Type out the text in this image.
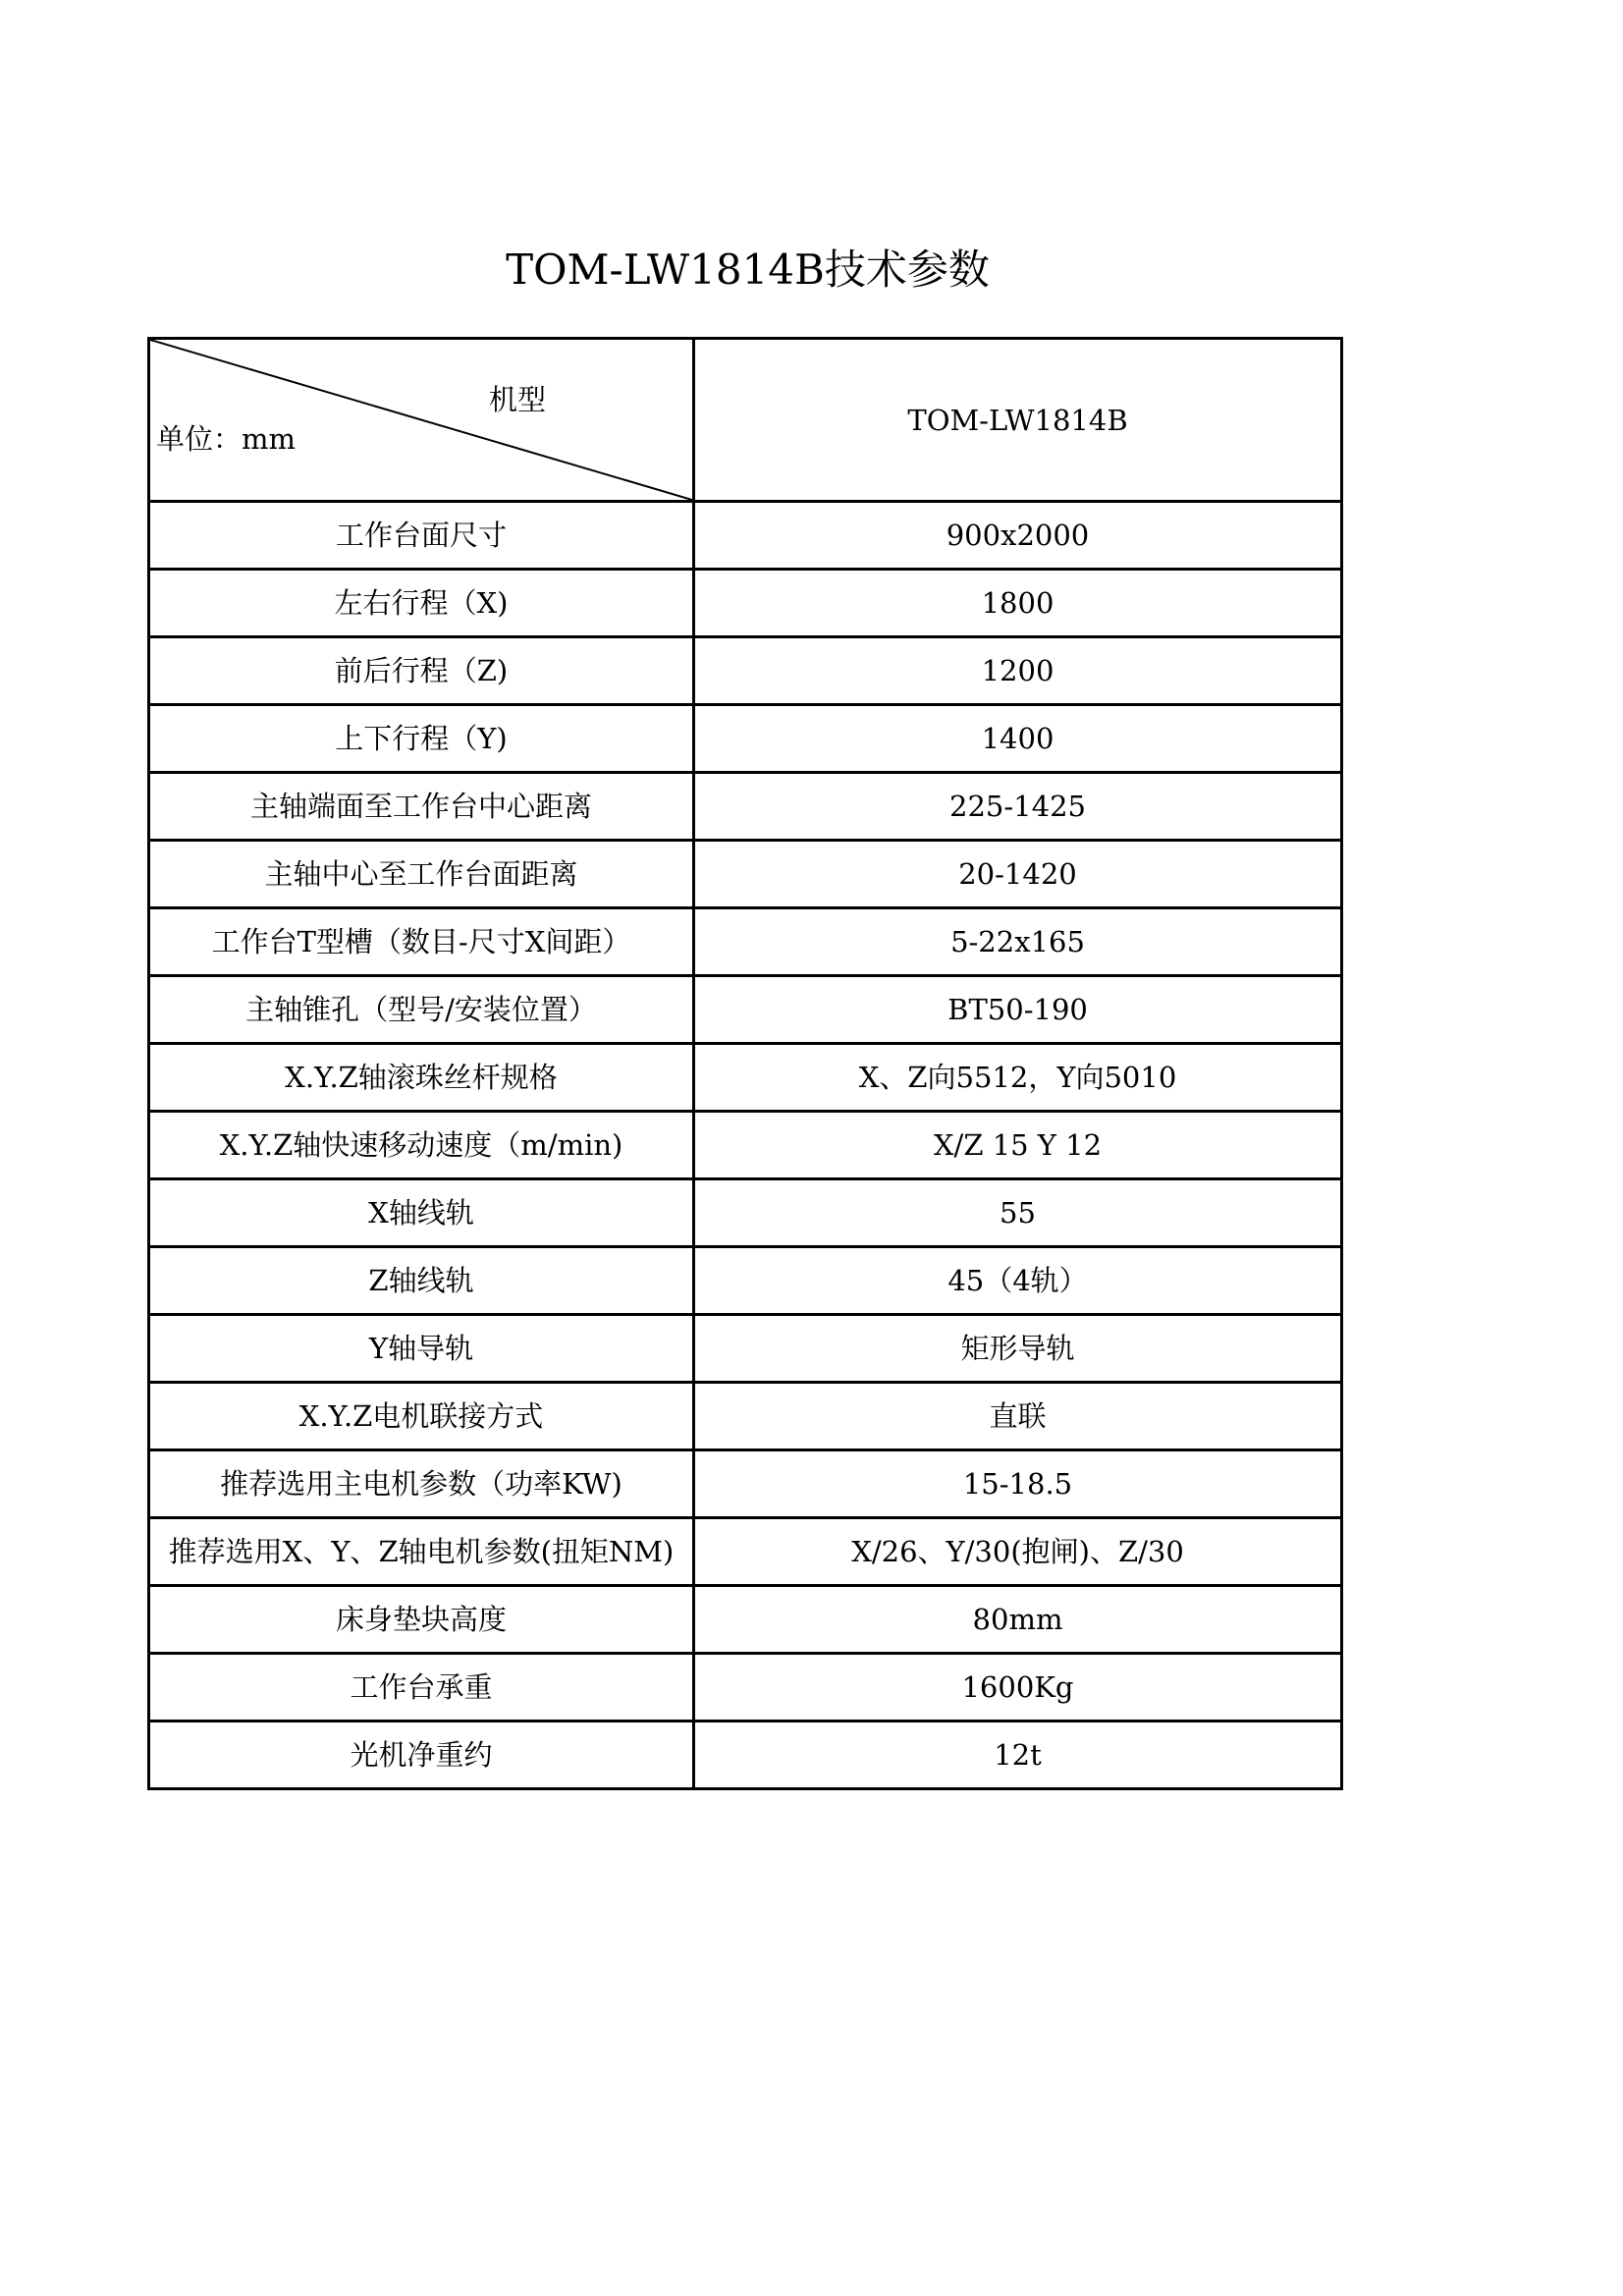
TOM-LW1814B技术参数
机型
单位：mm	TOM-LW1814B
工作台面尺寸	900x2000
左右行程（X)	1800
前后行程（Z)	1200
上下行程（Y)	1400
主轴端面至工作台中心距离	225-1425
主轴中心至工作台面距离	20-1420
工作台T型槽（数目-尺寸X间距）	5-22x165
主轴锥孔（型号/安装位置）	BT50-190
X.Y.Z轴滚珠丝杆规格	X、Z向5512，Y向5010
X.Y.Z轴快速移动速度（m/min)	X/Z 15 Y 12
X轴线轨	55
Z轴线轨	45（4轨）
Y轴导轨	矩形导轨
X.Y.Z电机联接方式	直联
推荐选用主电机参数（功率KW)	15-18.5
推荐选用X、Y、Z轴电机参数(扭矩NM)	X/26、Y/30(抱闸)、Z/30
床身垫块高度	80mm
工作台承重	1600Kg
光机净重约	12t
